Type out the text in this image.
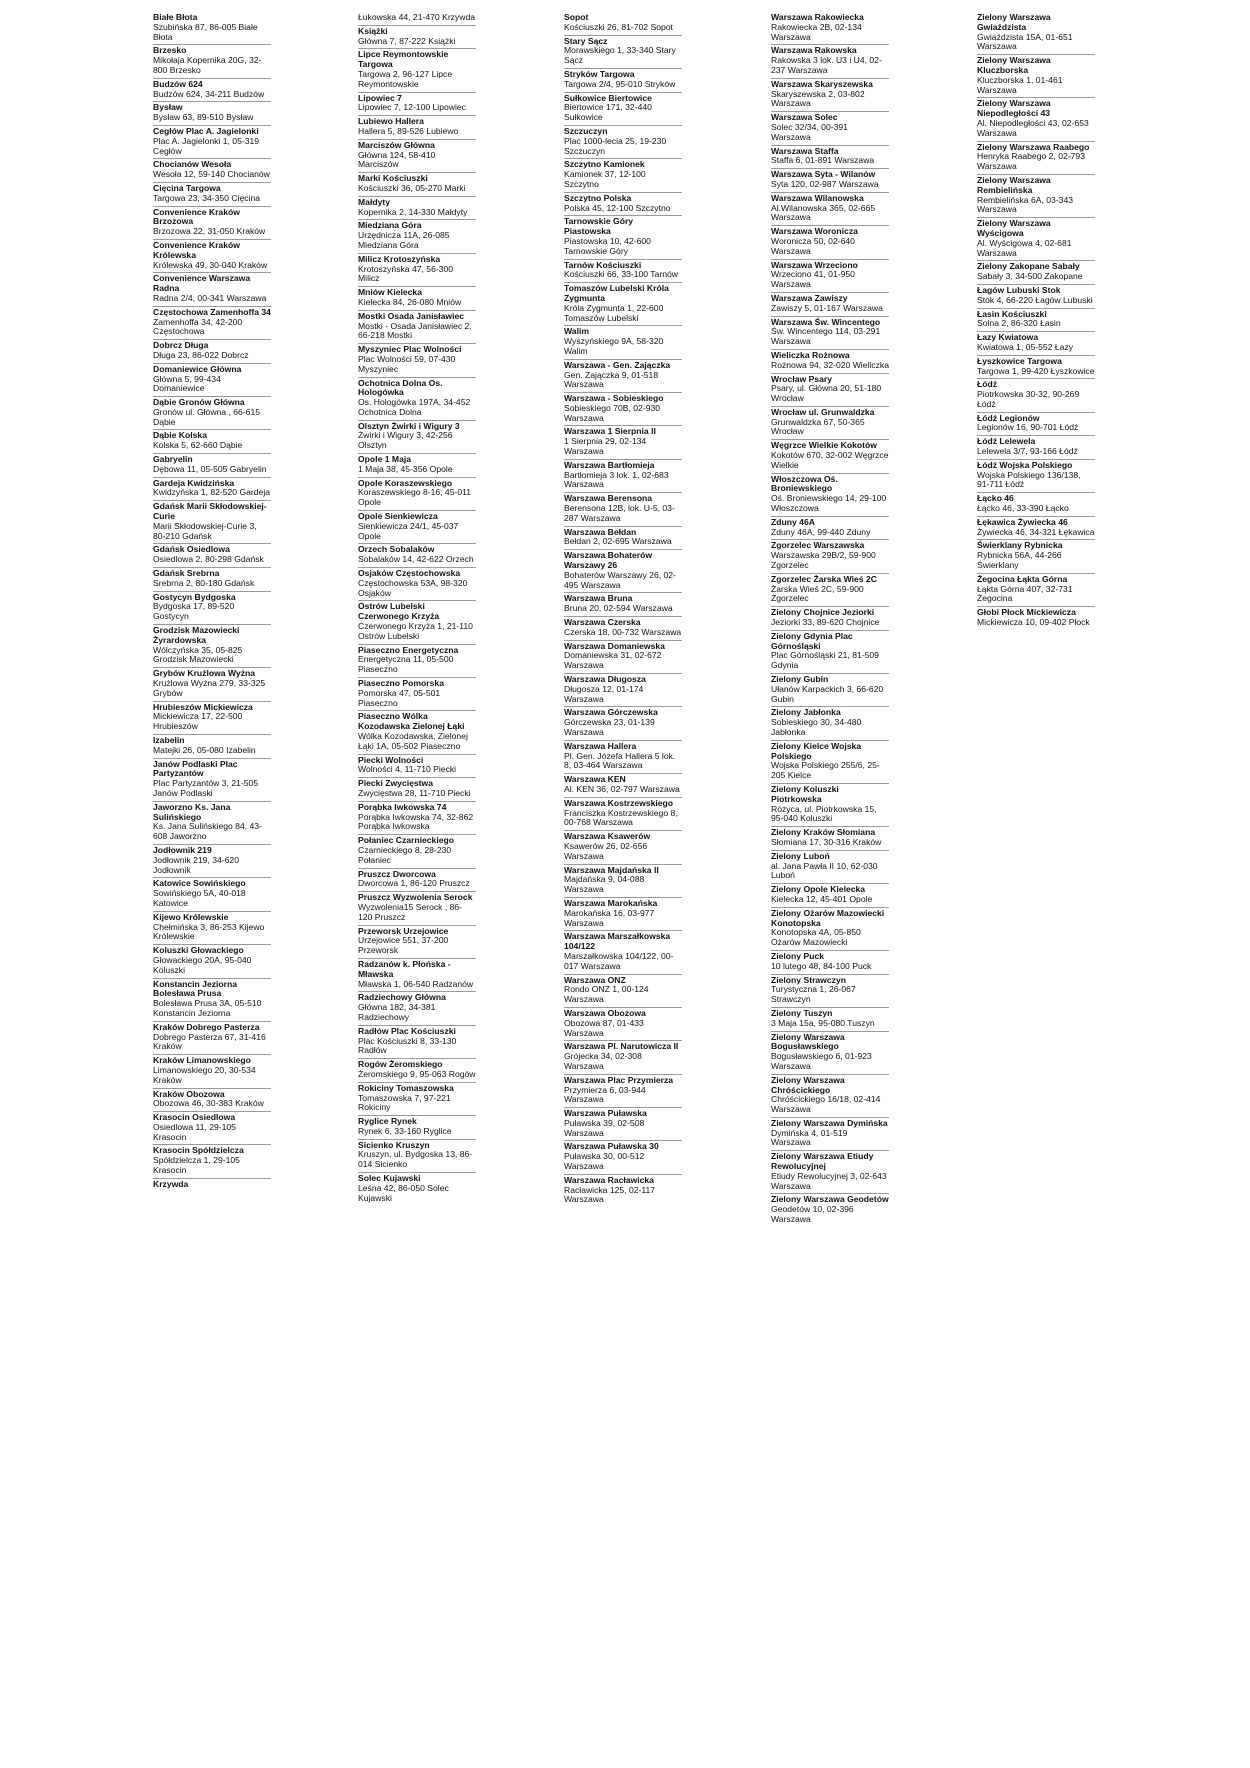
Białe Błota
Szubińska 87, 86-005 Białe Błota
Brzesko
Mikołaja Kopernika 20G, 32-800 Brzesko
Budzów 624
Budzów 624, 34-211 Budzów
Bysław
Bysław 63, 89-510 Bysław
Cegłów Plac A. Jagielonki
Plac A. Jagielonki 1, 05-319 Cegłów
Chocianów Wesoła
Wesoła 12, 59-140 Chocianów
Cięcina Targowa
Targowa 23, 34-350 Cięcina
Convenience Kraków Brzozowa
Brzozowa 22, 31-050 Kraków
Convenience Kraków Królewska
Królewska 49, 30-040 Kraków
Convenience Warszawa Radna
Radna 2/4, 00-341 Warszawa
Częstochowa Zamenhoffa 34
Zamenhoffa 34, 42-200 Częstochowa
Dobrcz Długa
Długa 23, 86-022 Dobrcz
Domaniewice Główna
Główna 5, 99-434 Domaniewice
Dąbie Gronów Główna
Gronów ul. Główna , 66-615 Dąbie
Dąbie Kolska
Kolska 5, 62-660 Dąbie
Gabryelin
Dębowa 11, 05-505 Gabryelin
Gardeja Kwidzińska
Kwidzyńska 1, 82-520 Gardeja
Gdańsk Marii Skłodowskiej-Curie
Marii Skłodowskiej-Curie 3, 80-210 Gdańsk
Gdańsk Osiedlowa
Osiedlowa 2, 80-298 Gdańsk
Gdańsk Srebrna
Srebrna 2, 80-180 Gdańsk
Gostycyn Bydgoska
Bydgoska 17, 89-520 Gostycyn
Grodzisk Mazowiecki Żyrardowska
Wólczyńska 35, 05-825 Grodzisk Mazowiecki
Grybów Krużlowa Wyżna
Krużlowa Wyżna 279, 33-325 Grybów
Hrubieszów Mickiewicza
Mickiewicza 17, 22-500 Hrubieszów
Izabelin
Matejki 26, 05-080 Izabelin
Janów Podlaski Plac Partyzantów
Plac Partyzantów 3, 21-505 Janów Podlaski
Jaworzno Ks. Jana Sulińskiego
Ks. Jana Sulińskiego 84, 43-608 Jaworzno
Jodłownik 219
Jodłownik 219, 34-620 Jodłownik
Katowice Sowińskiego
Sowińskiego 5A, 40-018 Katowice
Kijewo Królewskie
Chełmińska 3, 86-253 Kijewo Królewskie
Koluszki Głowackiego
Głowackiego 20A, 95-040 Koluszki
Konstancin Jeziorna Bolesława Prusa
Bolesława Prusa 3A, 05-510 Konstancin Jeziorna
Kraków Dobrego Pasterza
Dobrego Pasterza 67, 31-416 Kraków
Kraków Limanowskiego
Limanowskiego 20, 30-534 Kraków
Kraków Obozowa
Obozowa 46, 30-383 Kraków
Krasocin Osiedlowa
Osiedlowa 11, 29-105 Krasocin
Krasocin Spółdzielcza
Spółdzielcza 1, 29-105 Krasocin
Krzywda
Łukowska 44, 21-470 Krzywda
Książki
Główna 7, 87-222 Książki
Lipce Reymontowskie Targowa
Targowa 2, 96-127 Lipce Reymontowskie
Lipowiec 7
Lipowiec 7, 12-100 Lipowiec
Lubiewo Hallera
Hallera 5, 89-526 Lubiewo
Marciszów Główna
Główna 124, 58-410 Marciszów
Marki Kościuszki
Kościuszki 36, 05-270 Marki
Małdyty
Kopernika 2, 14-330 Małdyty
Miedziana Góra
Urzędnicza 11A, 26-085 Miedziana Góra
Milicz Krotoszyńska
Krotoszyńska 47, 56-300 Milicz
Mniów Kielecka
Kielecka 84, 26-080 Mniów
Mostki Osada Janisławiec
Mostki - Osada Janisławiec 2, 66-218 Mostki
Myszyniec Plac Wolności
Plac Wolności 59, 07-430 Myszyniec
Ochotnica Dolna Os. Hologówka
Os. Hologówka 197A, 34-452 Ochotnica Dolna
Olsztyn Żwirki i Wigury 3
Żwirki i Wigury 3, 42-256 Olsztyn
Opole 1 Maja
1 Maja 38, 45-356 Opole
Opole Koraszewskiego
Koraszewskiego 8-16, 45-011 Opole
Opole Sienkiewicza
Sienkiewicza 24/1, 45-037 Opole
Orzech Sobalaków
Sobalaków 14, 42-622 Orzech
Osjaków Częstochowska
Częstochowska 53A, 98-320 Osjaków
Ostrów Lubelski Czerwonego Krzyża
Czerwonego Krzyża 1, 21-110 Ostrów Lubelski
Piaseczno Energetyczna
Energetyczna 11, 05-500 Piaseczno
Piaseczno Pomorska
Pomorska 47, 05-501 Piaseczno
Piaseczno Wólka Kozodawska Zielonej Łąki
Wólka Kozodawska, Zielonej Łąki 1A, 05-502 Piaseczno
Piecki Wolności
Wolności 4, 11-710 Piecki
Piecki Zwycięstwa
Zwycięstwa 28, 11-710 Piecki
Porąbka Iwkowska 74
Porąbka Iwkowska 74, 32-862 Porąbka Iwkowska
Połaniec Czarnieckiego
Czarnieckiego 8, 28-230 Połaniec
Pruszcz Dworcowa
Dworcowa 1, 86-120 Pruszcz
Pruszcz Wyzwolenia Serock
Wyzwolenia15 Serock , 86-120 Pruszcz
Przeworsk Urzejowice
Urzejowice 551, 37-200 Przeworsk
Radzanów k. Płońska - Mławska
Mławska 1, 06-540 Radzanów
Radziechowy Główna
Główna 182, 34-381 Radziechowy
Radłów Plac Kościuszki
Plac Kościuszki 8, 33-130 Radłów
Rogów Żeromskiego
Żeromskiego 9, 95-063 Rogów
Rokiciny Tomaszowska
Tomaszowska 7, 97-221 Rokiciny
Ryglice Rynek
Rynek 6, 33-160 Ryglice
Sicienko Kruszyn
Kruszyn, ul. Bydgoska 13, 86-014 Sicienko
Solec Kujawski
Leśna 42, 86-050 Solec Kujawski
Sopot
Kościuszki 26, 81-702 Sopot
Stary Sącz
Morawskiego 1, 33-340 Stary Sącz
Stryków Targowa
Targowa 2/4, 95-010 Stryków
Sułkowice Biertowice
Biertowice 171, 32-440 Sułkowice
Szczuczyn
Plac 1000-lecia 25, 19-230 Szczuczyn
Szczytno Kamionek
Kamionek 37, 12-100 Szczytno
Szczytno Polska
Polska 45, 12-100 Szczytno
Tarnowskie Góry Piastowska
Piastowska 10, 42-600 Tarnowskie Góry
Tarnów Kościuszki
Kościuszki 66, 33-100 Tarnów
Tomaszów Lubelski Króla Zygmunta
Króla Zygmunta 1, 22-600 Tomaszów Lubelski
Walim
Wyszyńskiego 9A, 58-320 Walim
Warszawa - Gen. Zajączka
Gen. Zajączka 9, 01-518 Warszawa
Warszawa - Sobieskiego
Sobieskiego 70B, 02-930 Warszawa
Warszawa 1 Sierpnia II
1 Sierpnia 29, 02-134 Warszawa
Warszawa Bartłomieja
Bartłomieja 3 lok. 1, 02-683 Warszawa
Warszawa Berensona
Berensona 12B, lok. U-5, 03-287 Warszawa
Warszawa Bełdan
Bełdan 2, 02-695 Warszawa
Warszawa Bohaterów Warszawy 26
Bohaterów Warszawy 26, 02-495 Warszawa
Warszawa Bruna
Bruna 20, 02-594 Warszawa
Warszawa Czerska
Czerska 18, 00-732 Warszawa
Warszawa Domaniewska
Domaniewska 31, 02-672 Warszawa
Warszawa Długosza
Długosza 12, 01-174 Warszawa
Warszawa Górczewska
Górczewska 23, 01-139 Warszawa
Warszawa Hallera
Pl. Gen. Józefa Hallera 5 lok. 8, 03-464 Warszawa
Warszawa KEN
Al. KEN 36, 02-797 Warszawa
Warszawa Kostrzewskiego
Franciszka Kostrzewskiego 8, 00-768 Warszawa
Warszawa Ksawerów
Ksawerów 26, 02-656 Warszawa
Warszawa Majdańska II
Majdańska 9, 04-088 Warszawa
Warszawa Marokańska
Marokańska 16, 03-977 Warszawa
Warszawa Marszałkowska 104/122
Marszałkowska 104/122, 00-017 Warszawa
Warszawa ONZ
Rondo ONZ 1, 00-124 Warszawa
Warszawa Obozowa
Obozowa 87, 01-433 Warszawa
Warszawa Pl. Narutowicza II
Grójecka 34, 02-308 Warszawa
Warszawa Plac Przymierza
Przymierza 6, 03-944 Warszawa
Warszawa Puławska
Puławska 39, 02-508 Warszawa
Warszawa Puławska 30
Puławska 30, 00-512 Warszawa
Warszawa Racławicka
Racławicka 125, 02-117 Warszawa
Warszawa Rakowiecka
Rakowiecka 2B, 02-134 Warszawa
Warszawa Rakowska
Rakowska 3 lok. U3 i U4, 02-237 Warszawa
Warszawa Skaryszewska
Skaryszewska 2, 03-802 Warszawa
Warszawa Solec
Solec 32/34, 00-391 Warszawa
Warszawa Staffa
Staffa 6, 01-891 Warszawa
Warszawa Syta - Wilanów
Syta 120, 02-987 Warszawa
Warszawa Wilanowska
Al.Wilanowska 365, 02-665 Warszawa
Warszawa Woronicza
Woronicza 50, 02-640 Warszawa
Warszawa Wrzeciono
Wrzeciono 41, 01-950 Warszawa
Warszawa Zawiszy
Zawiszy 5, 01-167 Warszawa
Warszawa Św. Wincentego
Św. Wincentego 114, 03-291 Warszawa
Wieliczka Rożnowa
Rożnowa 94, 32-020 Wieliczka
Wrocław Psary
Psary, ul. Główna 20, 51-180 Wrocław
Wrocław ul. Grunwaldzka
Grunwaldzka 67, 50-365 Wrocław
Węgrzce Wielkie Kokotów
Kokotów 670, 32-002 Węgrzce Wielkie
Włoszczowa Oś. Broniewskiego
Oś. Broniewskiego 14, 29-100 Włoszczowa
Zduny 46A
Zduny 46A, 99-440 Zduny
Zgorzelec Warszawska
Warszawska 29B/2, 59-900 Zgorzelec
Zgorzelec Żarska Wieś 2C
Żarska Wieś 2C, 59-900 Zgorzelec
Zielony Chojnice Jeziorki
Jeziorki 33, 89-620 Chojnice
Zielony Gdynia Plac Górnośląski
Plac Górnośląski 21, 81-509 Gdynia
Zielony Gubin
Ułanów Karpackich 3, 66-620 Gubin
Zielony Jabłonka
Sobieskiego 30, 34-480 Jabłonka
Zielony Kielce Wojska Polskiego
Wojska Polskiego 255/6, 25-205 Kielce
Zielony Koluszki Piotrkowska
Różyca, ul. Piotrkowska 15, 95-040 Koluszki
Zielony Kraków Słomiana
Słomiana 17, 30-316 Kraków
Zielony Luboń
al. Jana Pawła II 10, 62-030 Luboń
Zielony Opole Kielecka
Kielecka 12, 45-401 Opole
Zielony Ożarów Mazowiecki Konotopska
Konotopska 4A, 05-850 Ożarów Mazowiecki
Zielony Puck
10 lutego 48, 84-100 Puck
Zielony Strawczyn
Turystyczna 1, 26-067 Strawczyn
Zielony Tuszyn
3 Maja 15a, 95-080 Tuszyn
Zielony Warszawa Bogusławskiego
Bogusławskiego 6, 01-923 Warszawa
Zielony Warszawa Chróścickiego
Chróścickiego 16/18, 02-414 Warszawa
Zielony Warszawa Dymińska
Dymińska 4, 01-519 Warszawa
Zielony Warszawa Etiudy Rewolucyjnej
Etiudy Rewolucyjnej 3, 02-643 Warszawa
Zielony Warszawa Geodetów
Geodetów 10, 02-396 Warszawa
Zielony Warszawa Gwiaździsta
Gwiaździsta 15A, 01-651 Warszawa
Zielony Warszawa Kluczborska
Kluczborska 1, 01-461 Warszawa
Zielony Warszawa Niepodległości 43
Al. Niepodległości 43, 02-653 Warszawa
Zielony Warszawa Raabego
Henryka Raabego 2, 02-793 Warszawa
Zielony Warszawa Rembielińska
Rembielińska 6A, 03-343 Warszawa
Zielony Warszawa Wyścigowa
Al. Wyścigowa 4, 02-681 Warszawa
Zielony Zakopane Sabały
Sabały 3, 34-500 Zakopane
Łagów Lubuski Stok
Stok 4, 66-220 Łagów Lubuski
Łasin Kościuszki
Solna 2, 86-320 Łasin
Łazy Kwiatowa
Kwiatowa 1, 05-552 Łazy
Łyszkowice Targowa
Targowa 1, 99-420 Łyszkowice
Łódź
Piotrkowska 30-32, 90-269 Łódź
Łódź Legionów
Legionów 16, 90-701 Łódź
Łódź Lelewela
Lelewela 3/7, 93-166 Łódź
Łódź Wojska Polskiego
Wojska Polskiego 136/138, 91-711 Łódź
Łącko 46
Łącko 46, 33-390 Łącko
Łękawica Żywiecka 46
Żywiecka 46, 34-321 Łękawica
Świerklany Rybnicka
Rybnicka 56A, 44-266 Świerklany
Żegocina Łąkta Górna
Łąkta Górna 407, 32-731 Żegocina
Głobi Płock Mickiewicza
Mickiewicza 10, 09-402 Płock
